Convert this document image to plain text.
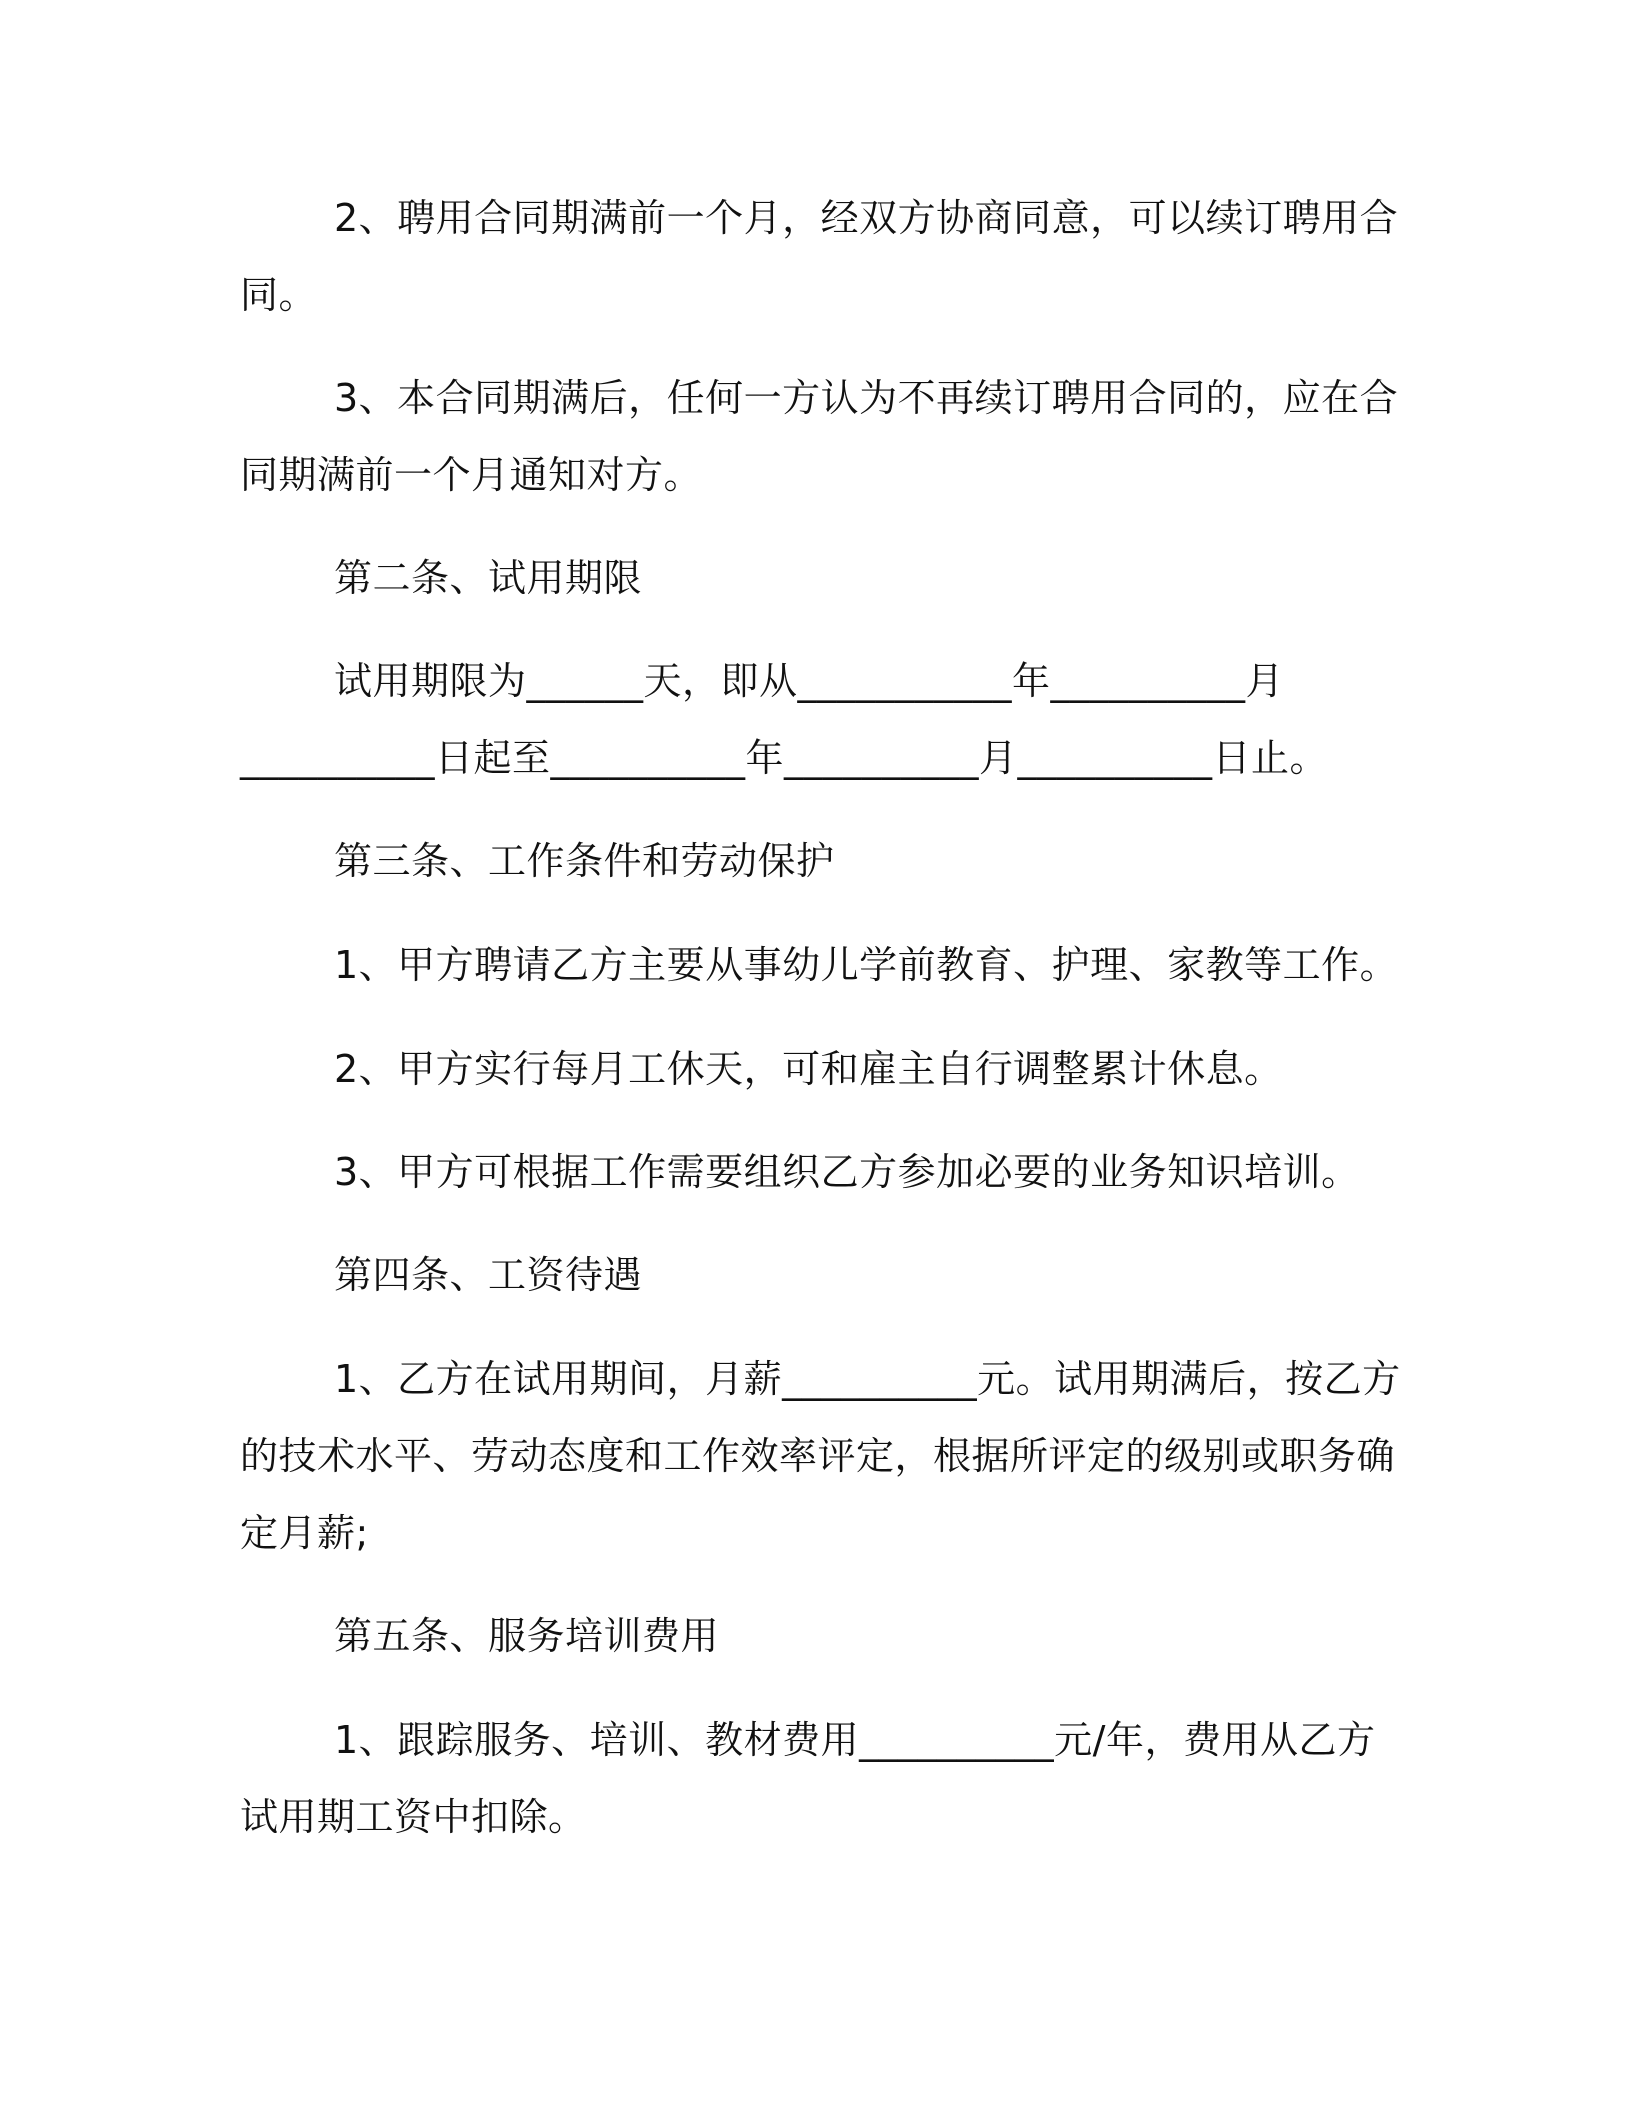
2、聘用合同期满前一个月，经双方协商同意，可以续订聘用合
同。
3、本合同期满后，任何一方认为不再续订聘用合同的，应在合
同期满前一个月通知对方。
第二条、试用期限
试用期限为______天，即从___________年__________月
__________日起至__________年__________月__________日止。
第三条、工作条件和劳动保护
1、甲方聘请乙方主要从事幼儿学前教育、护理、家教等工作。
2、甲方实行每月工休天，可和雇主自行调整累计休息。
3、甲方可根据工作需要组织乙方参加必要的业务知识培训。
第四条、工资待遇
1、乙方在试用期间，月薪__________元。试用期满后，按乙方
的技术水平、劳动态度和工作效率评定，根据所评定的级别或职务确
定月薪;
第五条、服务培训费用
1、跟踪服务、培训、教材费用__________元/年，费用从乙方
试用期工资中扣除。
